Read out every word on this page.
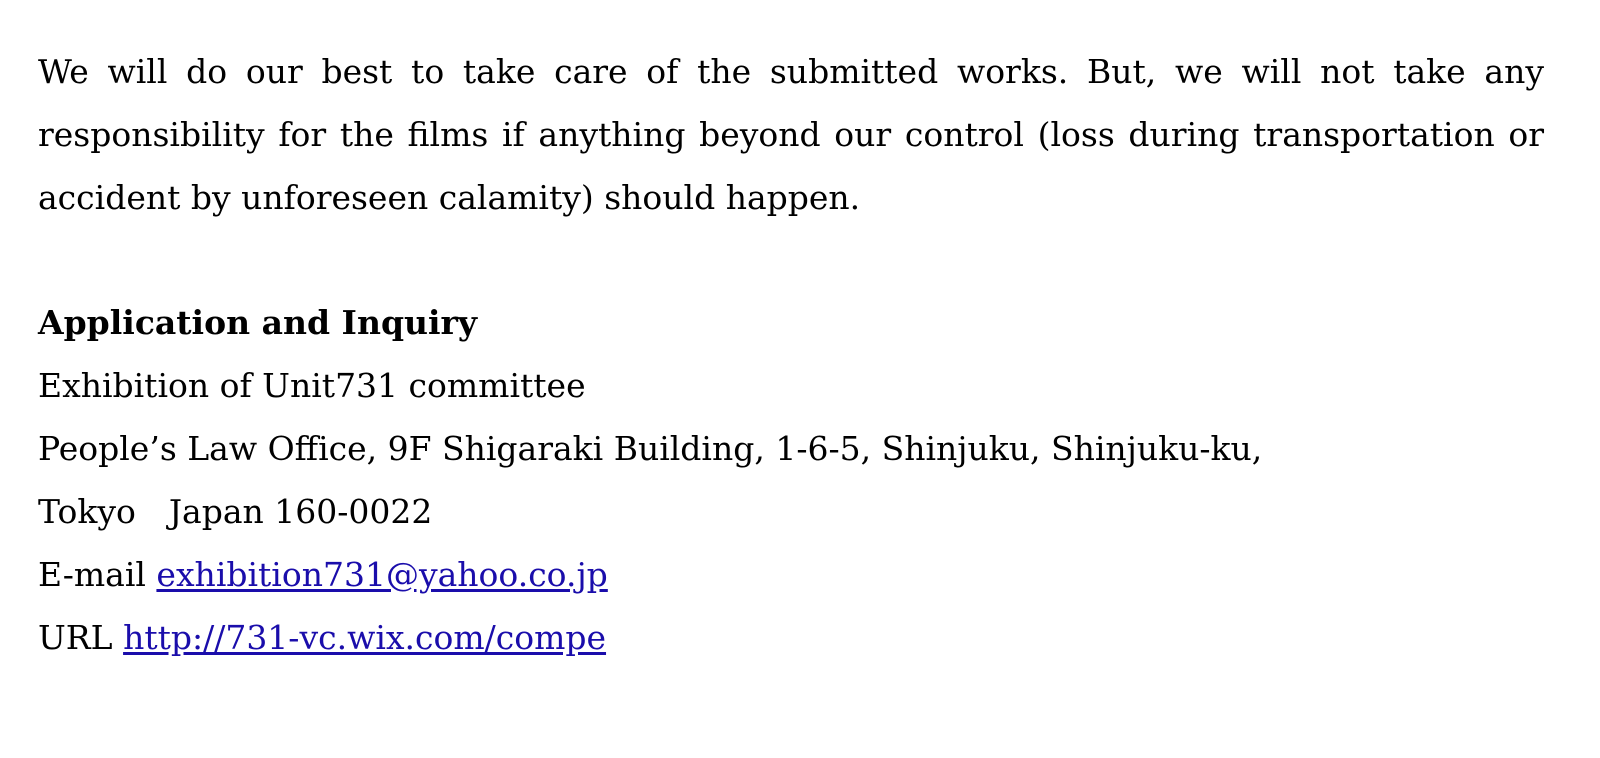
We will do our best to take care of the submitted works. But, we will not take any responsibility for the films if anything beyond our control (loss during transportation or accident by unforeseen calamity) should happen.

Application and Inquiry

Exhibition of Unit731 committee

People’s Law Office, 9F Shigaraki Building, 1-6-5, Shinjuku, Shinjuku-ku,

Tokyo　Japan 160-0022

E-mail exhibition731@yahoo.co.jp

URL http://731-vc.wix.com/compe
